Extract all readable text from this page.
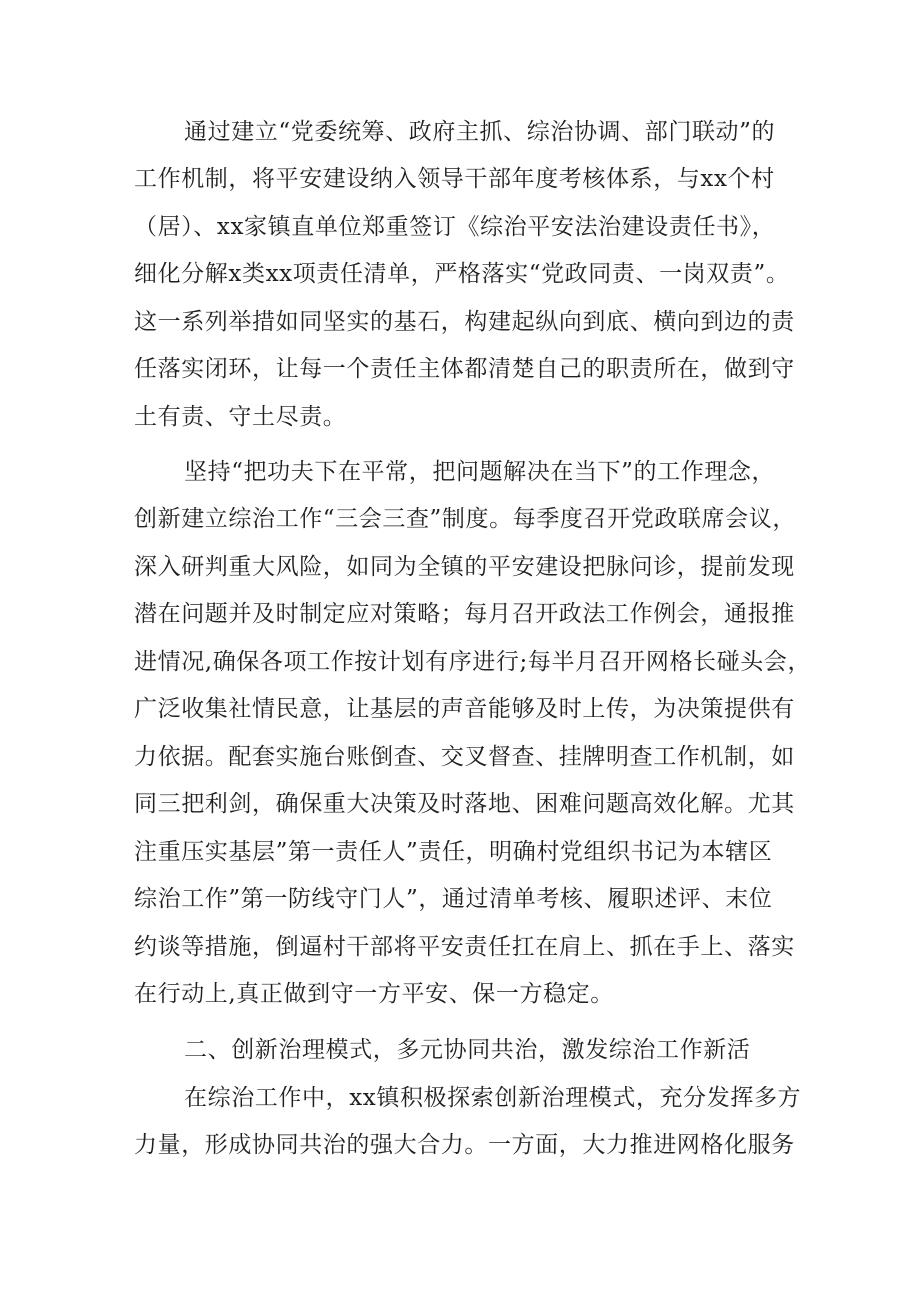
通过建立“党委统筹、政府主抓、综治协调、部门联动”的
工作机制，将平安建设纳入领导干部年度考核体系，与xx个村
（居）、xx家镇直单位郑重签订《综治平安法治建设责任书》，
细化分解x类xx项责任清单，严格落实“党政同责、一岗双责”。
这一系列举措如同坚实的基石，构建起纵向到底、横向到边的责
任落实闭环，让每一个责任主体都清楚自己的职责所在，做到守
土有责、守土尽责。
坚持“把功夫下在平常，把问题解决在当下”的工作理念，
创新建立综治工作“三会三查”制度。每季度召开党政联席会议，
深入研判重大风险，如同为全镇的平安建设把脉问诊，提前发现
潜在问题并及时制定应对策略；每月召开政法工作例会，通报推
进情况,确保各项工作按计划有序进行;每半月召开网格长碰头会，
广泛收集社情民意，让基层的声音能够及时上传，为决策提供有
力依据。配套实施台账倒查、交叉督查、挂牌明查工作机制，如
同三把利剑，确保重大决策及时落地、困难问题高效化解。尤其
注重压实基层”第一责任人”责任，明确村党组织书记为本辖区
综治工作”第一防线守门人”，通过清单考核、履职述评、末位
约谈等措施，倒逼村干部将平安责任扛在肩上、抓在手上、落实
在行动上,真正做到守一方平安、保一方稳定。
二、创新治理模式，多元协同共治，激发综治工作新活
在综治工作中，xx镇积极探索创新治理模式，充分发挥多方
力量，形成协同共治的强大合力。一方面，大力推进网格化服务
